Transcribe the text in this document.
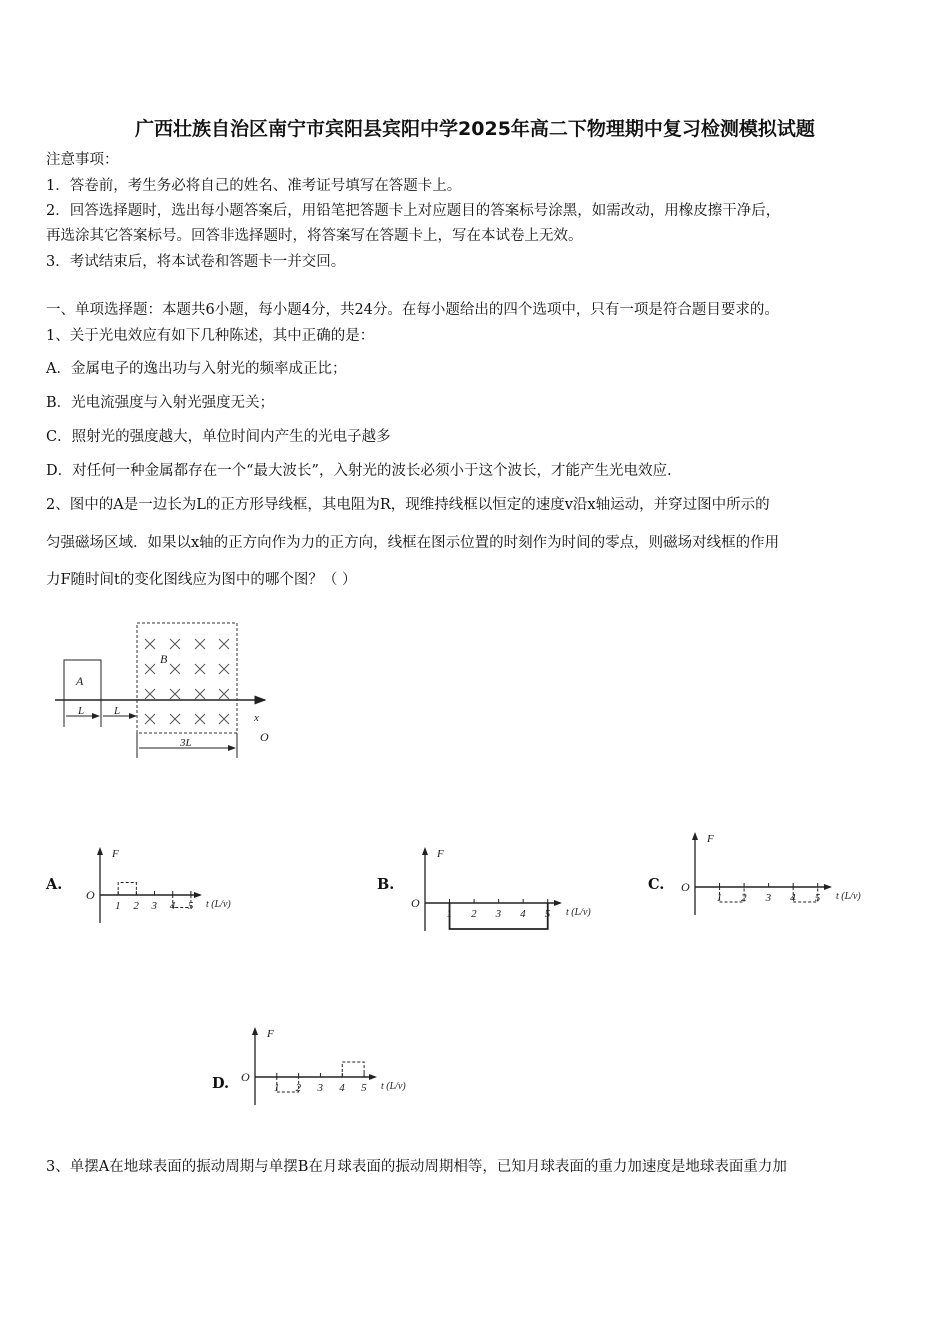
广西壮族自治区南宁市宾阳县宾阳中学2025年高二下物理期中复习检测模拟试题
注意事项：
1．答卷前，考生务必将自己的姓名、准考证号填写在答题卡上。
2．回答选择题时，选出每小题答案后，用铅笔把答题卡上对应题目的答案标号涂黑，如需改动，用橡皮擦干净后，
再选涂其它答案标号。回答非选择题时，将答案写在答题卡上，写在本试卷上无效。
3．考试结束后，将本试卷和答题卡一并交回。
一、单项选择题：本题共6小题，每小题4分，共24分。在每小题给出的四个选项中，只有一项是符合题目要求的。
1、关于光电效应有如下几种陈述，其中正确的是：
A．金属电子的逸出功与入射光的频率成正比；
B．光电流强度与入射光强度无关；
C．照射光的强度越大，单位时间内产生的光电子越多
D．对任何一种金属都存在一个“最大波长”，入射光的波长必须小于这个波长，才能产生光电效应.
2、图中的A是一边长为L的正方形导线框，其电阻为R，现维持线框以恒定的速度v沿x轴运动，并穿过图中所示的
匀强磁场区域．如果以x轴的正方向作为力的正方向，线框在图示位置的时刻作为时间的零点，则磁场对线框的作用
力F随时间t的变化图线应为图中的哪个图？（ ）
A
B
x
O
L	L
3L
A.	B.	C.
D.
F
O
t (L/v)
1 2 3 4 5
F
O
t (L/v)
1 2 3 4 5
F
O
t (L/v)
1 2 3 4 5
F
O
t (L/v)
1 2 3 4 5
3、单摆A在地球表面的振动周期与单摆B在月球表面的振动周期相等，已知月球表面的重力加速度是地球表面重力加
